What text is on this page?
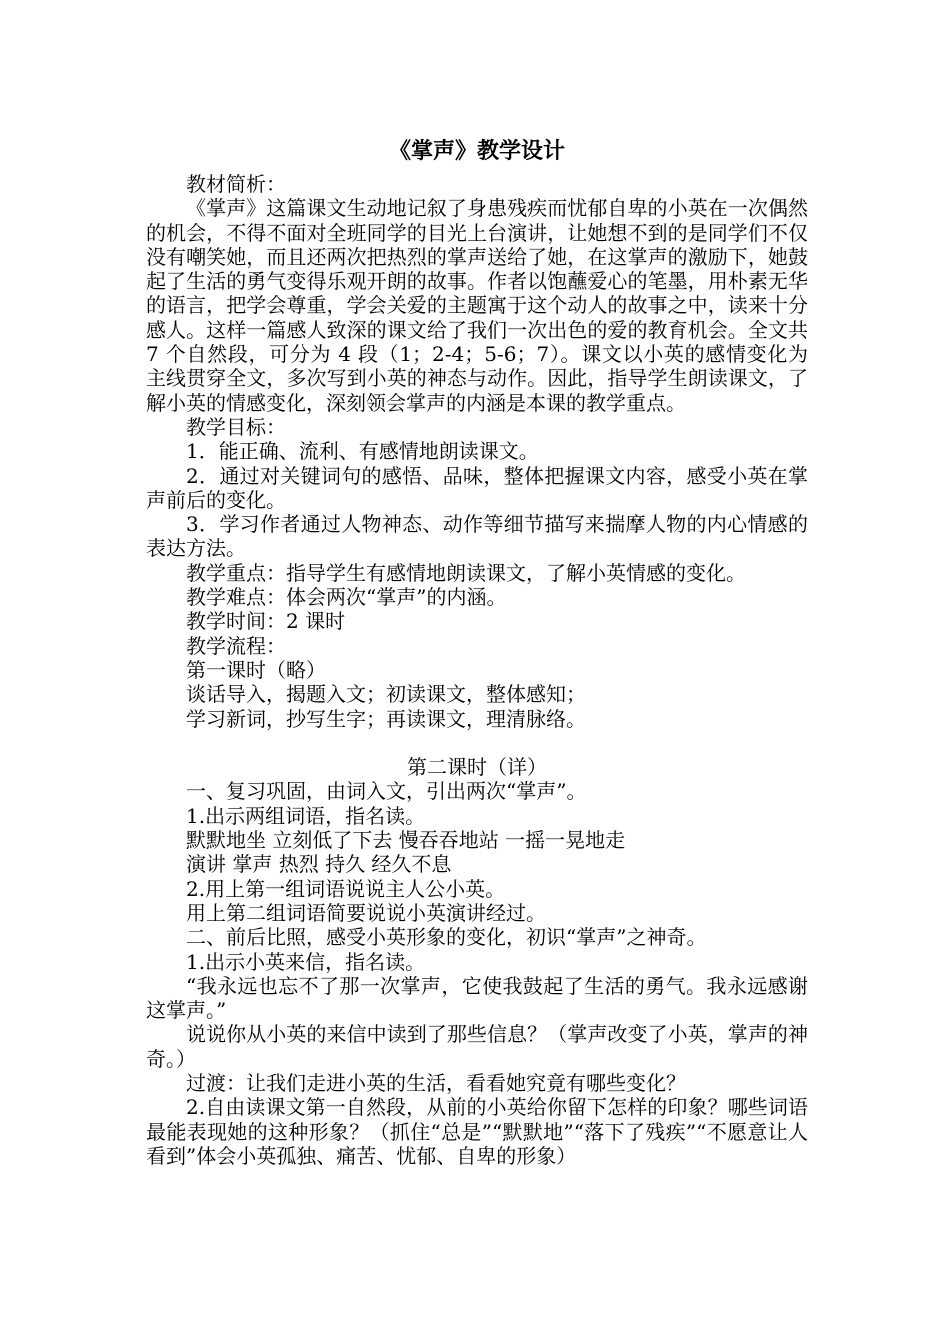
《掌声》教学设计

教材简析：

《掌声》这篇课文生动地记叙了身患残疾而忧郁自卑的小英在一次偶然的机会，不得不面对全班同学的目光上台演讲，让她想不到的是同学们不仅没有嘲笑她，而且还两次把热烈的掌声送给了她，在这掌声的激励下，她鼓起了生活的勇气变得乐观开朗的故事。作者以饱蘸爱心的笔墨，用朴素无华的语言，把学会尊重，学会关爱的主题寓于这个动人的故事之中，读来十分感人。这样一篇感人致深的课文给了我们一次出色的爱的教育机会。全文共 7 个自然段，可分为 4 段（1；2-4；5-6；7）。课文以小英的感情变化为主线贯穿全文，多次写到小英的神态与动作。因此，指导学生朗读课文，了解小英的情感变化，深刻领会掌声的内涵是本课的教学重点。

教学目标：

1．能正确、流利、有感情地朗读课文。

2．通过对关键词句的感悟、品味，整体把握课文内容，感受小英在掌声前后的变化。

3．学习作者通过人物神态、动作等细节描写来揣摩人物的内心情感的表达方法。

教学重点：指导学生有感情地朗读课文，了解小英情感的变化。

教学难点：体会两次“掌声”的内涵。

教学时间：2 课时

教学流程：

第一课时（略）

谈话导入，揭题入文；初读课文，整体感知；

学习新词，抄写生字；再读课文，理清脉络。

第二课时（详）

一、复习巩固，由词入文，引出两次“掌声”。

1.出示两组词语，指名读。

默默地坐 立刻低了下去 慢吞吞地站 一摇一晃地走

演讲 掌声 热烈 持久 经久不息

2.用上第一组词语说说主人公小英。

用上第二组词语简要说说小英演讲经过。

二、前后比照，感受小英形象的变化，初识“掌声”之神奇。

1.出示小英来信，指名读。

“我永远也忘不了那一次掌声，它使我鼓起了生活的勇气。我永远感谢这掌声。”

说说你从小英的来信中读到了那些信息？（掌声改变了小英，掌声的神奇。）

过渡：让我们走进小英的生活，看看她究竟有哪些变化？

2.自由读课文第一自然段，从前的小英给你留下怎样的印象？哪些词语最能表现她的这种形象？（抓住“总是”“默默地”“落下了残疾”“不愿意让人看到”体会小英孤独、痛苦、忧郁、自卑的形象）
